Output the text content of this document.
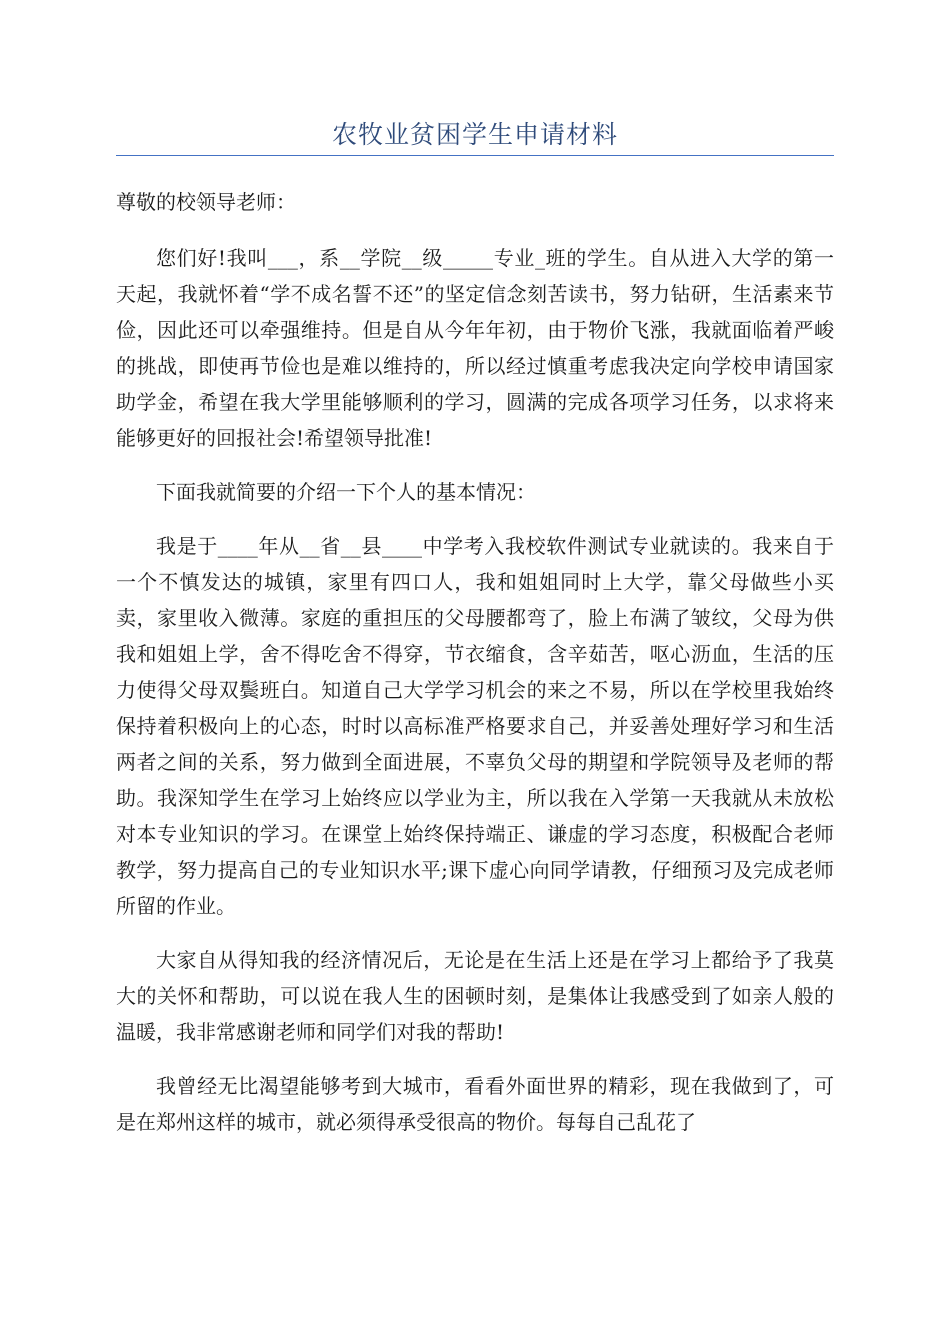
农牧业贫困学生申请材料

尊敬的校领导老师：

您们好!我叫___，系__学院__级_____专业_班的学生。自从进入大学的第一天起，我就怀着“学不成名誓不还”的坚定信念刻苦读书，努力钻研，生活素来节俭，因此还可以牵强维持。但是自从今年年初，由于物价飞涨，我就面临着严峻的挑战，即使再节俭也是难以维持的，所以经过慎重考虑我决定向学校申请国家助学金，希望在我大学里能够顺利的学习，圆满的完成各项学习任务，以求将来能够更好的回报社会!希望领导批准!

下面我就简要的介绍一下个人的基本情况：

我是于____年从__省__县____中学考入我校软件测试专业就读的。我来自于一个不慎发达的城镇，家里有四口人，我和姐姐同时上大学，靠父母做些小买卖，家里收入微薄。家庭的重担压的父母腰都弯了，脸上布满了皱纹，父母为供我和姐姐上学，舍不得吃舍不得穿，节衣缩食，含辛茹苦，呕心沥血，生活的压力使得父母双鬓班白。知道自己大学学习机会的来之不易，所以在学校里我始终保持着积极向上的心态，时时以高标准严格要求自己，并妥善处理好学习和生活两者之间的关系，努力做到全面进展，不辜负父母的期望和学院领导及老师的帮助。我深知学生在学习上始终应以学业为主，所以我在入学第一天我就从未放松对本专业知识的学习。在课堂上始终保持端正、谦虚的学习态度，积极配合老师教学，努力提高自己的专业知识水平;课下虚心向同学请教，仔细预习及完成老师所留的作业。

大家自从得知我的经济情况后，无论是在生活上还是在学习上都给予了我莫大的关怀和帮助，可以说在我人生的困顿时刻，是集体让我感受到了如亲人般的温暖，我非常感谢老师和同学们对我的帮助!

我曾经无比渴望能够考到大城市，看看外面世界的精彩，现在我做到了，可是在郑州这样的城市，就必须得承受很高的物价。每每自己乱花了
